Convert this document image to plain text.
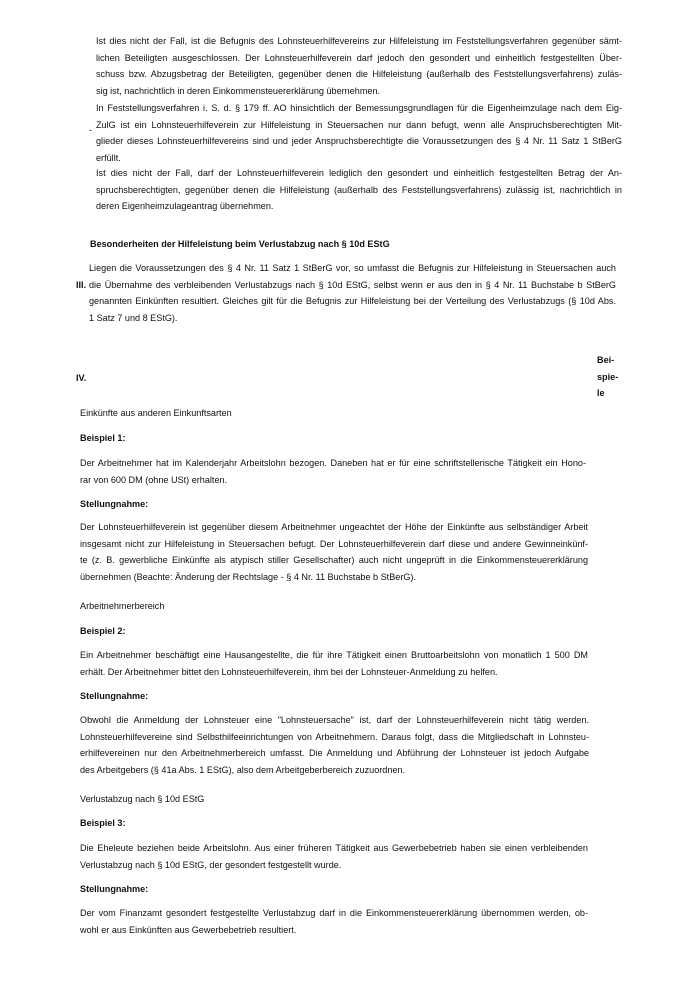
Ist dies nicht der Fall, ist die Befugnis des Lohnsteuerhilfevereins zur Hilfeleistung im Feststellungsverfahren gegenüber sämt-
lichen Beteiligten ausgeschlossen. Der Lohnsteuerhilfeverein darf jedoch den gesondert und einheitlich festgestellten Über-
schuss bzw. Abzugsbetrag der Beteiligten, gegenüber denen die Hilfeleistung (außerhalb des Feststellungsverfahrens) zuläs-
sig ist, nachrichtlich in deren Einkommensteuererklärung übernehmen.
In Feststellungsverfahren i. S. d. § 179 ff. AO hinsichtlich der Bemessungsgrundlagen für die Eigenheimzulage nach dem Eig-
ZulG ist ein Lohnsteuerhilfeverein zur Hilfeleistung in Steuersachen nur dann befugt, wenn alle Anspruchsberechtigten Mit-
glieder dieses Lohnsteuerhilfevereins sind und jeder Anspruchsberechtigte die Voraussetzungen des § 4 Nr. 11 Satz 1 StBerG
erfüllt.
-
Ist dies nicht der Fall, darf der Lohnsteuerhilfeverein lediglich den gesondert und einheitlich festgestellten Betrag der An-
spruchsberechtigten, gegenüber denen die Hilfeleistung (außerhalb des Feststellungsverfahrens) zulässig ist, nachrichtlich in
deren Eigenheimzulageantrag übernehmen.
Besonderheiten der Hilfeleistung beim Verlustabzug nach § 10d EStG
III.
Liegen die Voraussetzungen des § 4 Nr. 11 Satz 1 StBerG vor, so umfasst die Befugnis zur Hilfeleistung in Steuersachen auch
die Übernahme des verbleibenden Verlustabzugs nach § 10d EStG, selbst wenn er aus den in § 4 Nr. 11 Buchstabe b StBerG
genannten Einkünften resultiert. Gleiches gilt für die Befugnis zur Hilfeleistung bei der Verteilung des Verlustabzugs (§ 10d Abs.
1 Satz 7 und 8 EStG).
IV.
Bei-
spie-
le
Einkünfte aus anderen Einkunftsarten
Beispiel 1:
Der Arbeitnehmer hat im Kalenderjahr Arbeitslohn bezogen. Daneben hat er für eine schriftstellerische Tätigkeit ein Hono-
rar von 600 DM (ohne USt) erhalten.
Stellungnahme:
Der Lohnsteuerhilfeverein ist gegenüber diesem Arbeitnehmer ungeachtet der Höhe der Einkünfte aus selbständiger Arbeit
insgesamt nicht zur Hilfeleistung in Steuersachen befugt. Der Lohnsteuerhilfeverein darf diese und andere Gewinneinkünf-
te (z. B. gewerbliche Einkünfte als atypisch stiller Gesellschafter) auch nicht ungeprüft in die Einkommensteuererklärung
übernehmen (Beachte: Änderung der Rechtslage - § 4 Nr. 11 Buchstabe b StBerG).
Arbeitnehmerbereich
Beispiel 2:
Ein Arbeitnehmer beschäftigt eine Hausangestellte, die für ihre Tätigkeit einen Bruttoarbeitslohn von monatlich 1 500 DM
erhält. Der Arbeitnehmer bittet den Lohnsteuerhilfeverein, ihm bei der Lohnsteuer-Anmeldung zu helfen.
Stellungnahme:
Obwohl die Anmeldung der Lohnsteuer eine "Lohnsteuersache" ist, darf der Lohnsteuerhilfeverein nicht tätig werden.
Lohnsteuerhilfevereine sind Selbsthilfeeinrichtungen von Arbeitnehmern. Daraus folgt, dass die Mitgliedschaft in Lohnsteu-
erhilfevereinen nur den Arbeitnehmerbereich umfasst. Die Anmeldung und Abführung der Lohnsteuer ist jedoch Aufgabe
des Arbeitgebers (§ 41a Abs. 1 EStG), also dem Arbeitgeberbereich zuzuordnen.
Verlustabzug nach § 10d EStG
Beispiel 3:
Die Eheleute beziehen beide Arbeitslohn. Aus einer früheren Tätigkeit aus Gewerbebetrieb haben sie einen verbleibenden
Verlustabzug nach § 10d EStG, der gesondert festgestellt wurde.
Stellungnahme:
Der vom Finanzamt gesondert festgestellte Verlustabzug darf in die Einkommensteuererklärung übernommen werden, ob-
wohl er aus Einkünften aus Gewerbebetrieb resultiert.
